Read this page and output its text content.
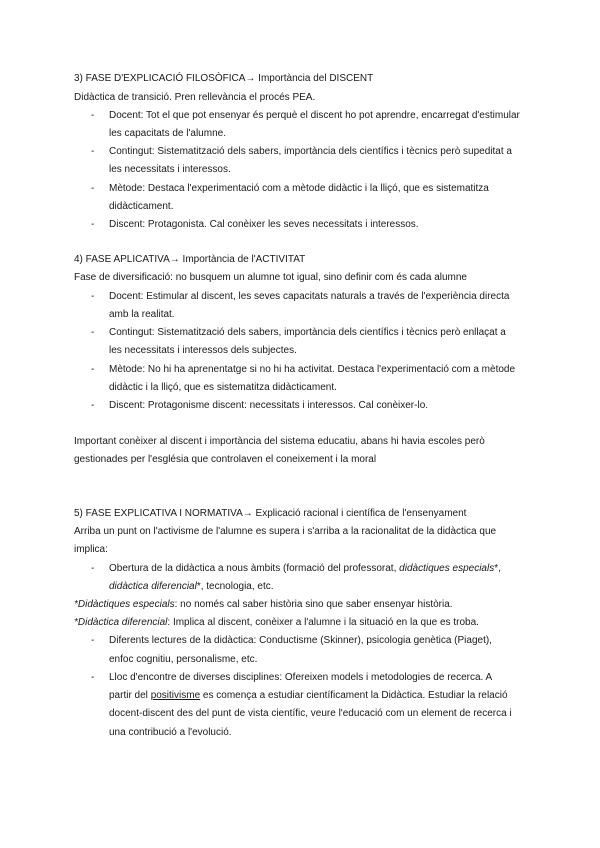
3) FASE D'EXPLICACIÓ FILOSÒFICA→ Importància del DISCENT
Didàctica de transició. Pren rellevància el procés PEA.
- Docent: Tot el que pot ensenyar és perquè el discent ho pot aprendre, encarregat d'estimular
les capacitats de l'alumne.
- Contingut: Sistematització dels sabers, importància dels científics i tècnics però supeditat a
les necessitats i interessos.
- Mètode: Destaca l'experimentació com a mètode didàctic i la lliçó, que es sistematitza
didàcticament.
- Discent: Protagonista. Cal conèixer les seves necessitats i interessos.
4) FASE APLICATIVA→ Importància de l'ACTIVITAT
Fase de diversificació: no busquem un alumne tot igual, sino definir com és cada alumne
- Docent: Estimular al discent, les seves capacitats naturals a través de l'experiència directa
amb la realitat.
- Contingut: Sistematització dels sabers, importància dels científics i tècnics però enllaçat a
les necessitats i interessos dels subjectes.
- Mètode: No hi ha aprenentatge si no hi ha activitat. Destaca l'experimentació com a mètode
didàctic i la lliçó, que es sistematitza didàcticament.
- Discent: Protagonisme discent: necessitats i interessos. Cal conèixer-lo.
Important conèixer al discent i importància del sistema educatiu, abans hi havia escoles però
gestionades per l'església que controlaven el coneixement i la moral
5) FASE EXPLICATIVA I NORMATIVA→ Explicació racional i científica de l'ensenyament
Arriba un punt on l'activisme de l'alumne es supera i s'arriba a la racionalitat de la didàctica que
implica:
- Obertura de la didàctica a nous àmbits (formació del professorat, didàctiques especials*,
didàctica diferencial*, tecnologia, etc.
*Didàctiques especials: no només cal saber història sino que saber ensenyar història.
*Didàctica diferencial: Implica al discent, conèixer a l'alumne i la situació en la que es troba.
- Diferents lectures de la didàctica: Conductisme (Skinner), psicologia genètica (Piaget),
enfoc cognitiu, personalisme, etc.
- Lloc d'encontre de diverses disciplines: Ofereixen models i metodologies de recerca. A
partir del positivisme es comença a estudiar científicament la Didàctica. Estudiar la relació
docent-discent des del punt de vista científic, veure l'educació com un element de recerca i
una contribució a l'evolució.
